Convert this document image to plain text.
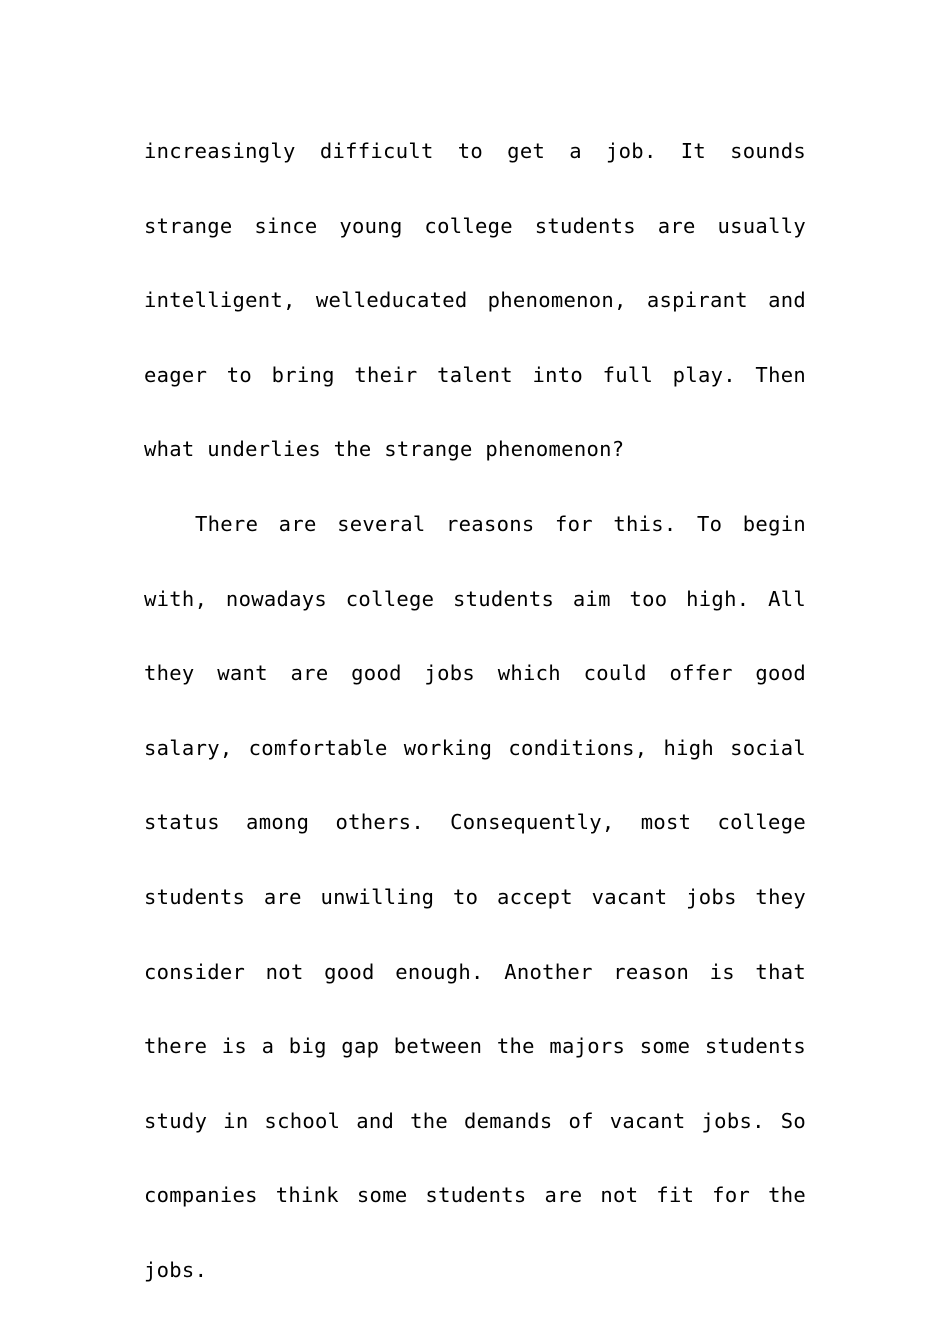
increasingly difficult to get a job. It sounds strange since young college students are usually intelligent, welleducated phenomenon, aspirant and eager to bring their talent into full play. Then what underlies the strange phenomenon?

There are several reasons for this. To begin with, nowadays college students aim too high. All they want are good jobs which could offer good salary, comfortable working conditions, high social status among others. Consequently, most college students are unwilling to accept vacant jobs they consider not good enough. Another reason is that there is a big gap between the majors some students study in school and the demands of vacant jobs. So companies think some students are not fit for the jobs.
